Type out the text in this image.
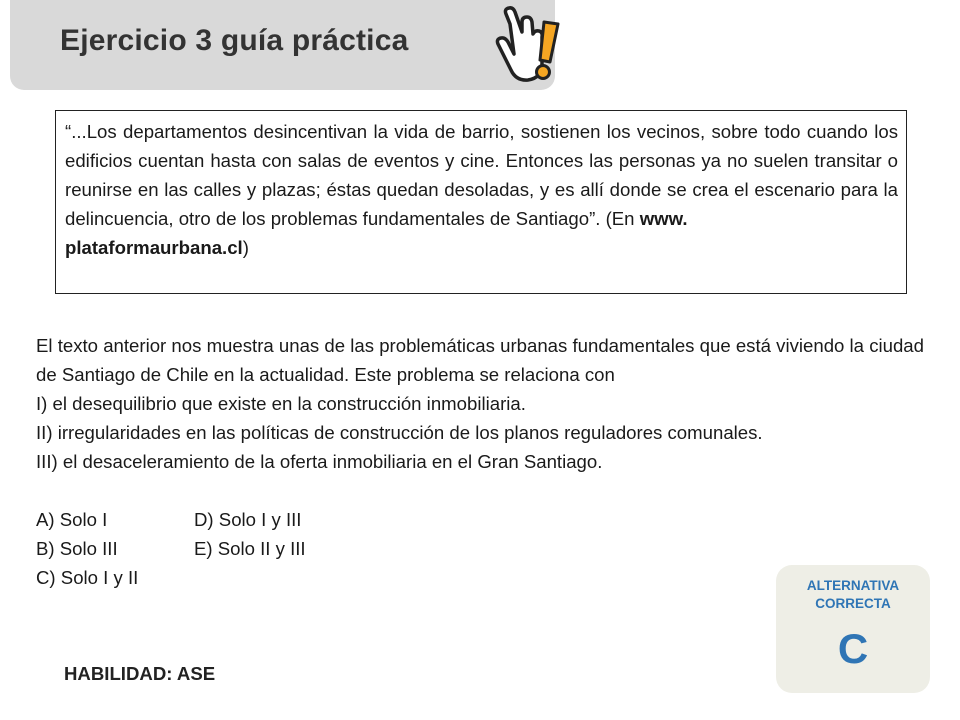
Ejercicio 3 guía práctica
“...Los departamentos desincentivan la vida de barrio, sostienen los vecinos, sobre todo cuando los edificios cuentan hasta con salas de eventos y cine. Entonces las personas ya no suelen transitar o reunirse en las calles y plazas; éstas quedan desoladas, y es allí donde se crea el escenario para la delincuencia, otro de los problemas fundamentales de Santiago”. (En www.
plataformaurbana.cl)
El texto anterior nos muestra unas de las problemáticas urbanas fundamentales que está viviendo la ciudad de Santiago de Chile en la actualidad. Este problema se relaciona con
I) el desequilibrio que existe en la construcción inmobiliaria.
II) irregularidades en las políticas de construcción de los planos reguladores comunales.
III) el desaceleramiento de la oferta inmobiliaria en el Gran Santiago.
A) Solo I	D) Solo I y III
B) Solo III	E) Solo II y III
C) Solo I y II
HABILIDAD: ASE
ALTERNATIVA
CORRECTA
C
